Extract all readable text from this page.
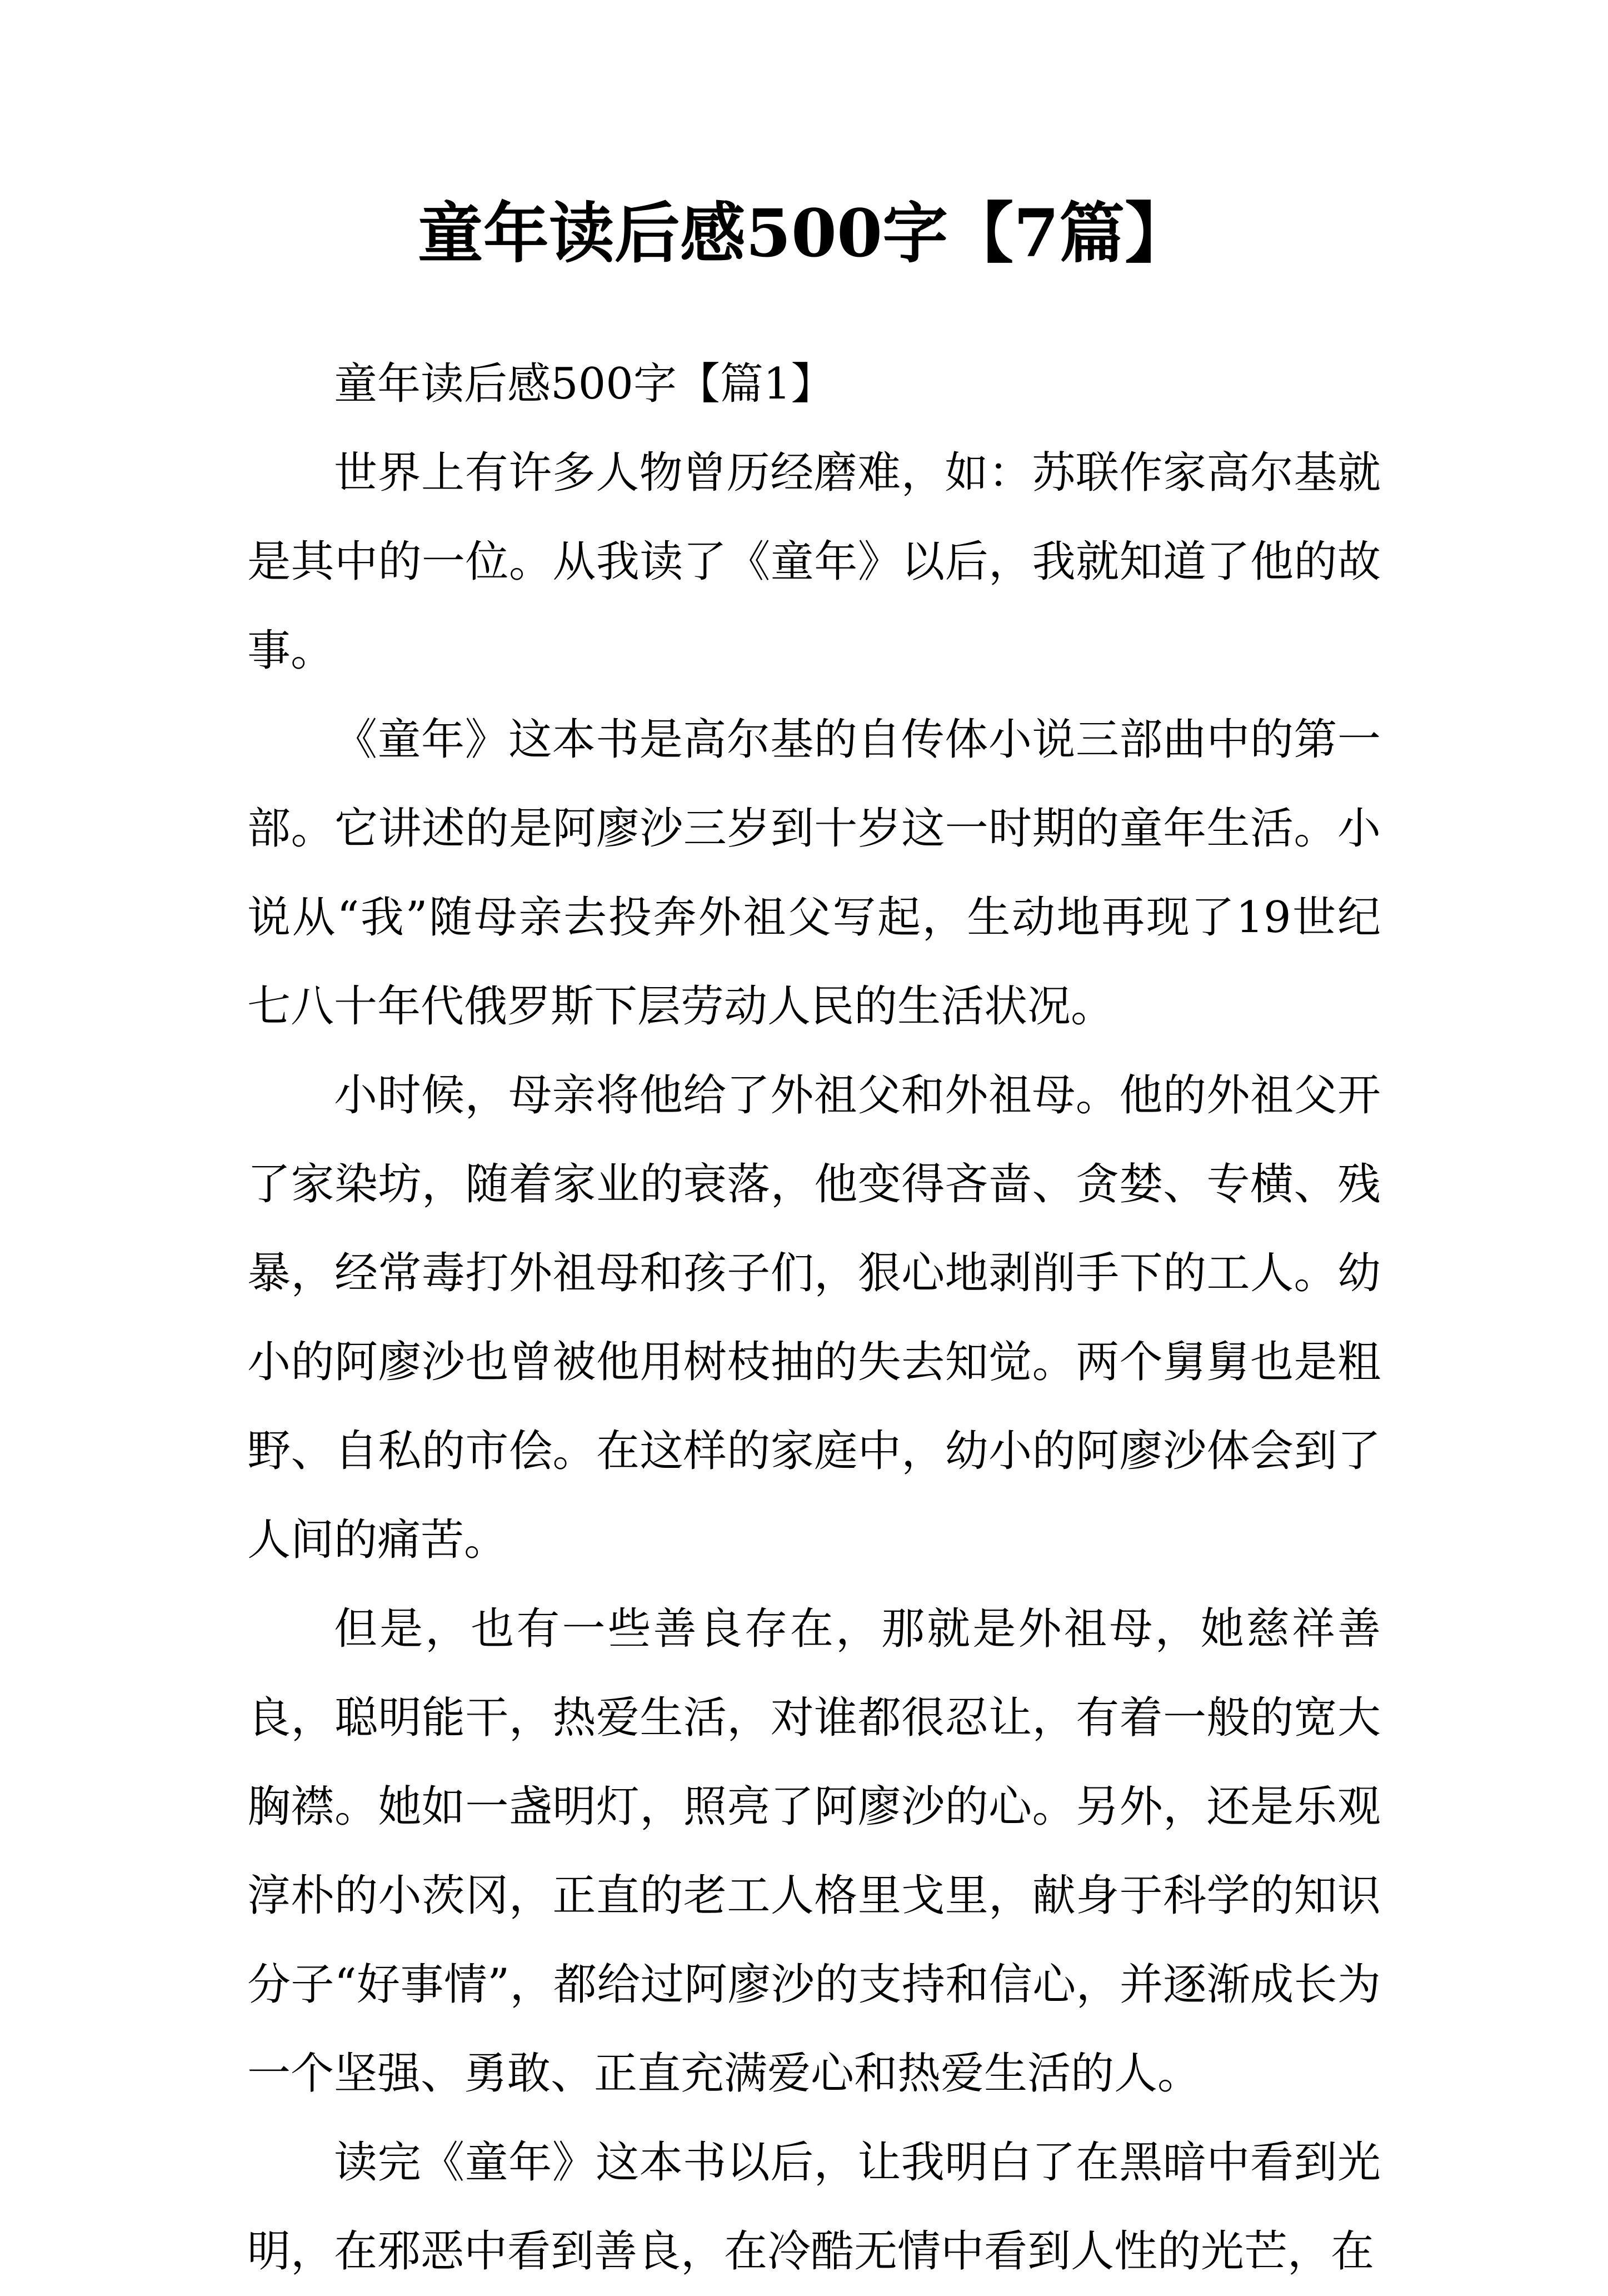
童年读后感500字【7篇】

童年读后感500字【篇1】

世界上有许多人物曾历经磨难，如：苏联作家高尔基就是其中的一位。从我读了《童年》以后，我就知道了他的故事。

《童年》这本书是高尔基的自传体小说三部曲中的第一部。它讲述的是阿廖沙三岁到十岁这一时期的童年生活。小说从“我”随母亲去投奔外祖父写起，生动地再现了19世纪七八十年代俄罗斯下层劳动人民的生活状况。

小时候，母亲将他给了外祖父和外祖母。他的外祖父开了家染坊，随着家业的衰落，他变得吝啬、贪婪、专横、残暴，经常毒打外祖母和孩子们，狠心地剥削手下的工人。幼小的阿廖沙也曾被他用树枝抽的失去知觉。两个舅舅也是粗野、自私的市侩。在这样的家庭中，幼小的阿廖沙体会到了人间的痛苦。

但是，也有一些善良存在，那就是外祖母，她慈祥善良，聪明能干，热爱生活，对谁都很忍让，有着一般的宽大胸襟。她如一盏明灯，照亮了阿廖沙的心。另外，还是乐观淳朴的小茨冈，正直的老工人格里戈里，献身于科学的知识分子“好事情”，都给过阿廖沙的支持和信心，并逐渐成长为一个坚强、勇敢、正直充满爱心和热爱生活的人。

读完《童年》这本书以后，让我明白了在黑暗中看到光明，在邪恶中看到善良，在冷酷无情中看到人性的光芒，在
